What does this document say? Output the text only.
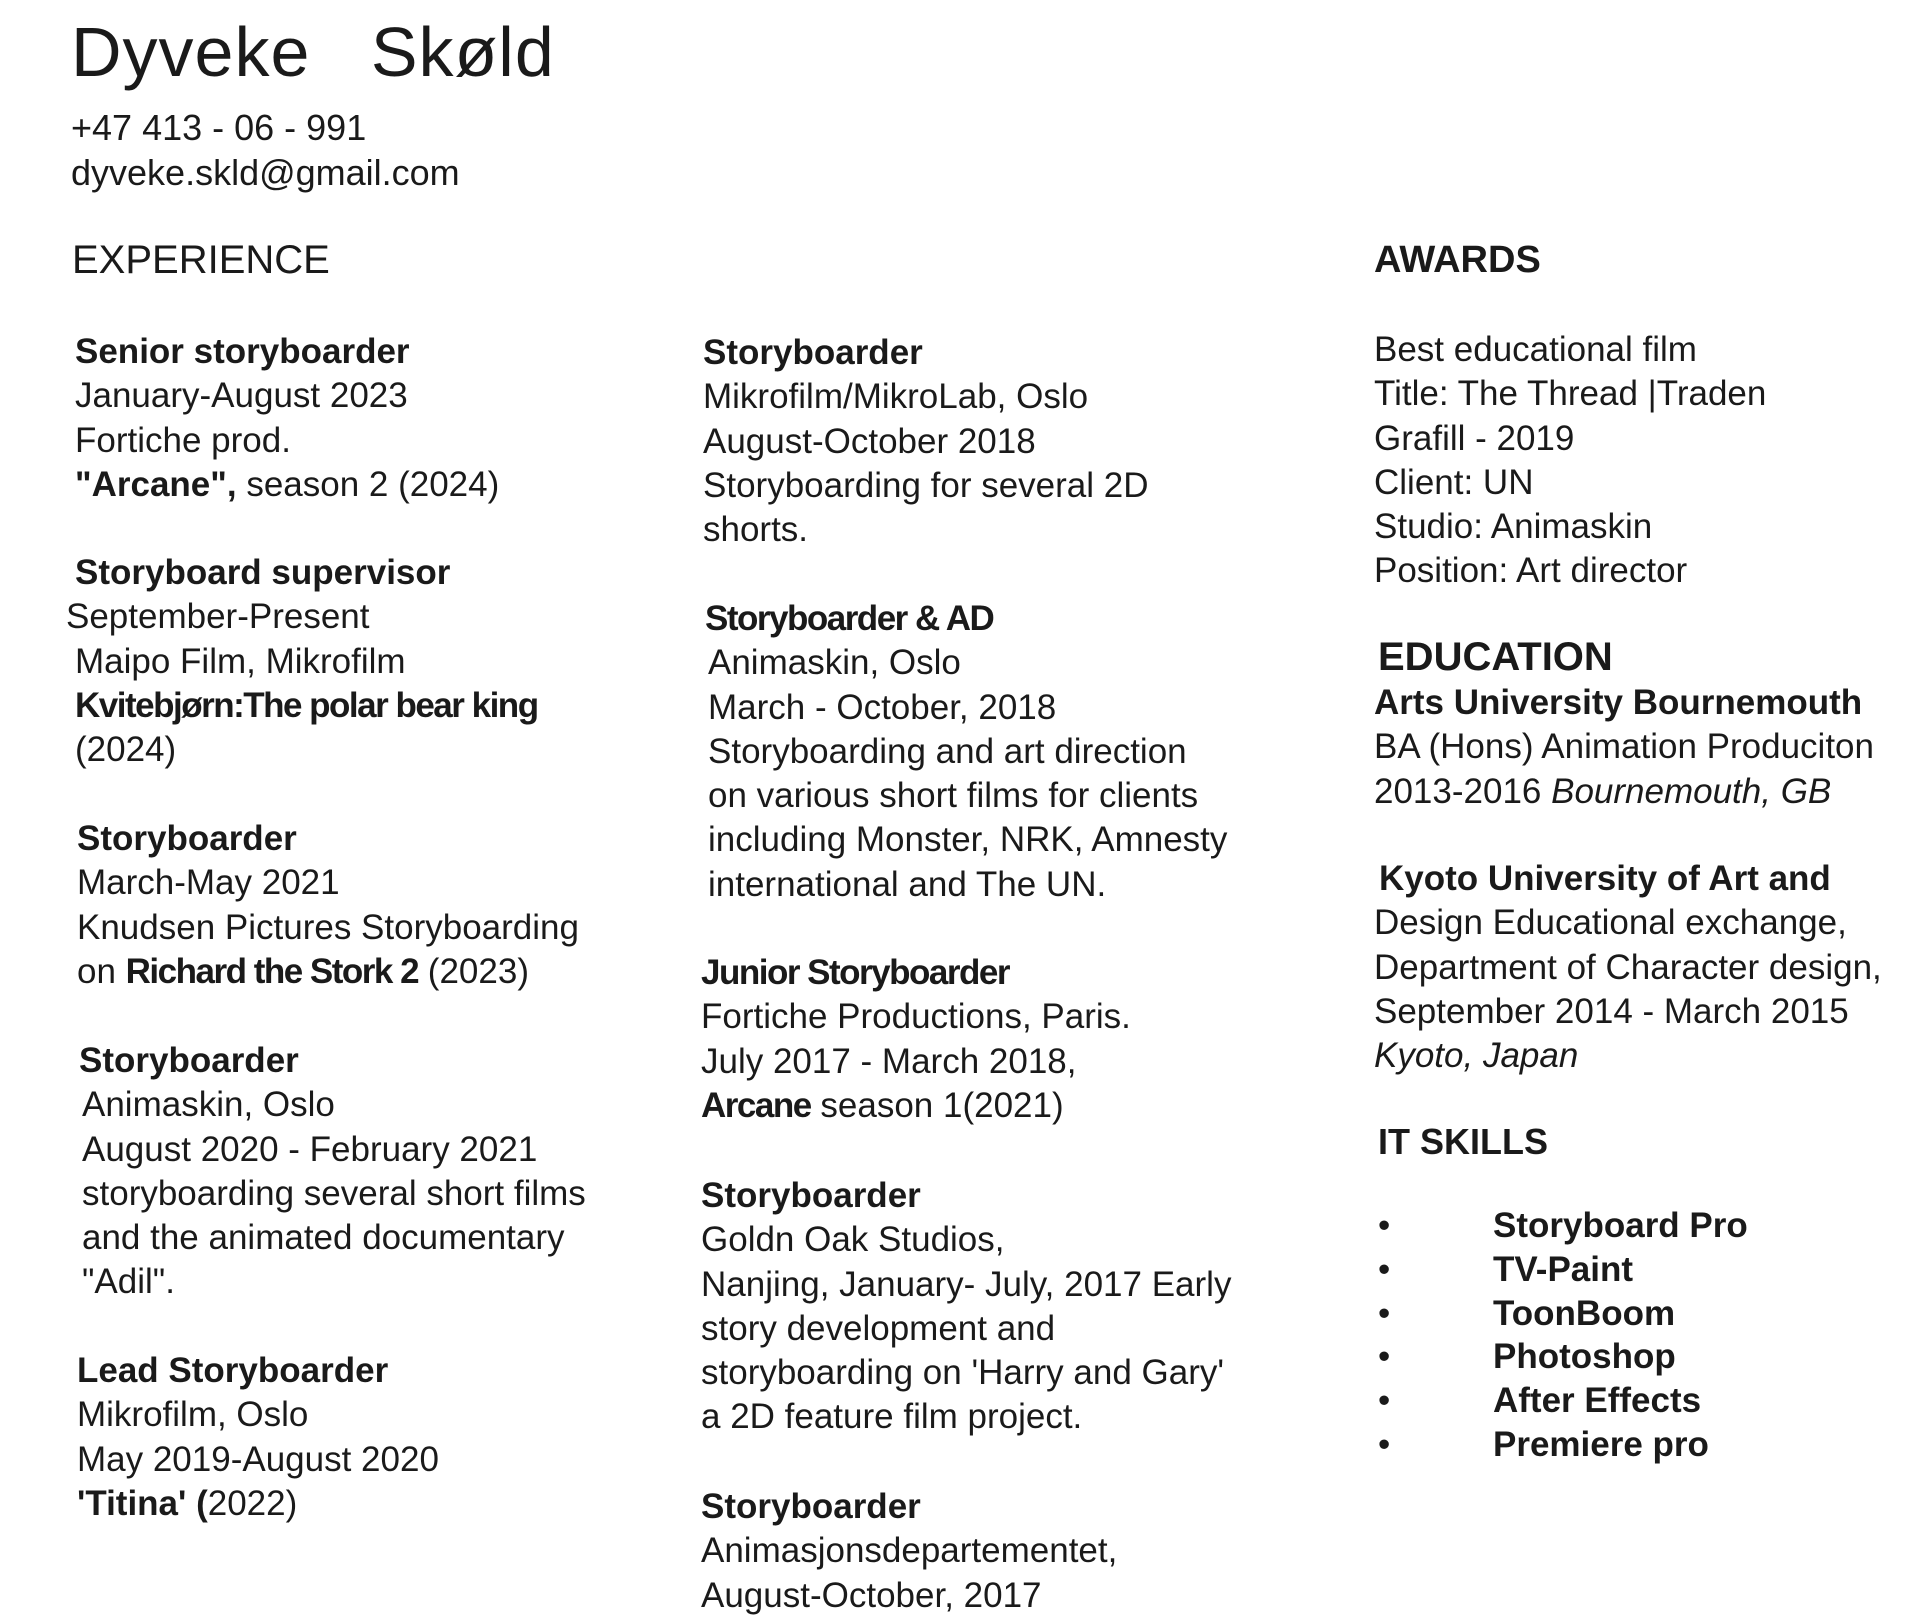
Dyveke Skøld
+47 413 - 06 - 991
dyveke.skld@gmail.com
EXPERIENCE	AWARDS
EDUCATION
IT SKILLS
Senior storyboarder
January-August 2023
Fortiche prod.
"Arcane", season 2 (2024)
Storyboard supervisor
September-Present
Maipo Film, Mikrofilm
Kvitebjørn:The polar bear king
(2024)
Storyboarder
March-May 2021
Knudsen Pictures Storyboarding
on Richard the Stork 2 (2023)
Storyboarder
Animaskin, Oslo
August 2020 - February 2021
storyboarding several short films
and the animated documentary
"Adil".
Lead Storyboarder
Mikrofilm, Oslo
May 2019-August 2020
'Titina' (2022)
Storyboarder
Mikrofilm/MikroLab, Oslo
August-October 2018
Storyboarding for several 2D
shorts.
Storyboarder & AD
Animaskin, Oslo
March - October, 2018
Storyboarding and art direction
on various short films for clients
including Monster, NRK, Amnesty
international and The UN.
Junior Storyboarder
Fortiche Productions, Paris.
July 2017 - March 2018,
Arcane season 1(2021)
Storyboarder
Goldn Oak Studios,
Nanjing, January- July, 2017 Early
story development and
storyboarding on 'Harry and Gary'
a 2D feature film project.
Storyboarder
Animasjonsdepartementet,
August-October, 2017
Best educational film
Title: The Thread |Traden
Grafill - 2019
Client: UN
Studio: Animaskin
Position: Art director
Arts University Bournemouth
BA (Hons) Animation Produciton
2013-2016 Bournemouth, GB
Kyoto University of Art and
Design Educational exchange,
Department of Character design,
September 2014 - March 2015
Kyoto, Japan
•	Storyboard Pro
•	TV-Paint
•	ToonBoom
•	Photoshop
•	After Effects
•	Premiere pro
